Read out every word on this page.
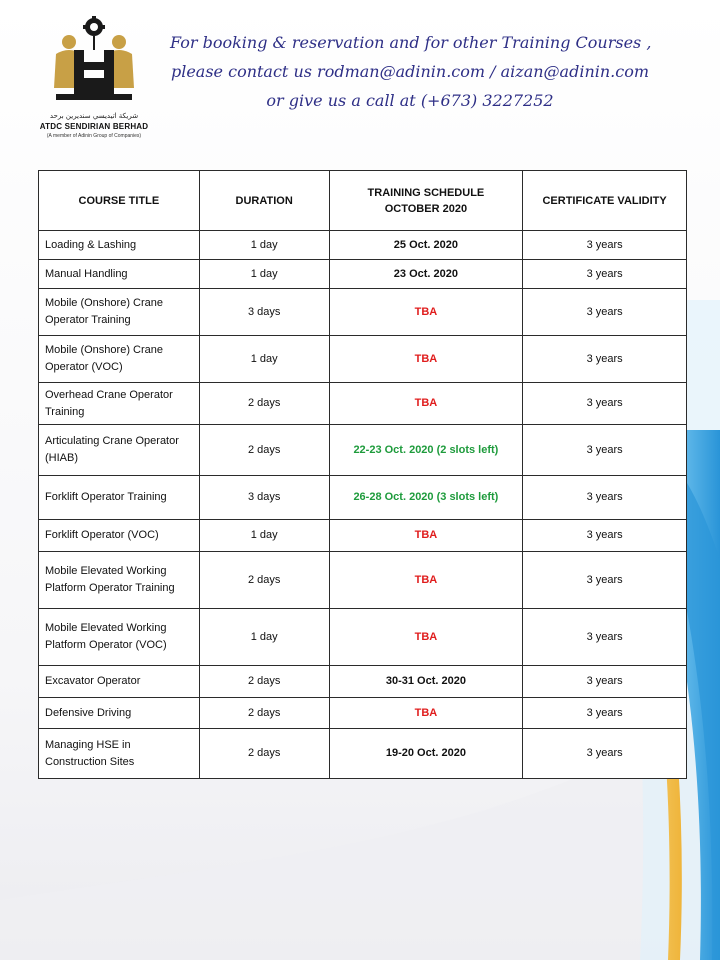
شريكة اتيديسي سنديرين برحد
ATDC SENDIRIAN BERHAD
(A member of Adinin Group of Companies)
For booking & reservation and for other Training Courses ,
please contact us rodman@adinin.com / aizan@adinin.com
or give us a call at (+673) 3227252
COURSE TITLE	DURATION	TRAINING SCHEDULE
OCTOBER 2020	CERTIFICATE VALIDITY
Loading & Lashing	1 day	25 Oct. 2020	3 years
Manual Handling	1 day	23 Oct. 2020	3 years
Mobile (Onshore) Crane Operator Training	3 days	TBA	3 years
Mobile (Onshore) Crane Operator (VOC)	1 day	TBA	3 years
Overhead Crane Operator Training	2 days	TBA	3 years
Articulating Crane Operator (HIAB)	2 days	22-23 Oct. 2020 (2 slots left)	3 years
Forklift Operator Training	3 days	26-28 Oct. 2020 (3 slots left)	3 years
Forklift Operator (VOC)	1 day	TBA	3 years
Mobile Elevated Working Platform Operator Training	2 days	TBA	3 years
Mobile Elevated Working Platform Operator (VOC)	1 day	TBA	3 years
Excavator Operator	2 days	30-31 Oct. 2020	3 years
Defensive Driving	2 days	TBA	3 years
Managing HSE in Construction Sites	2 days	19-20 Oct. 2020	3 years
